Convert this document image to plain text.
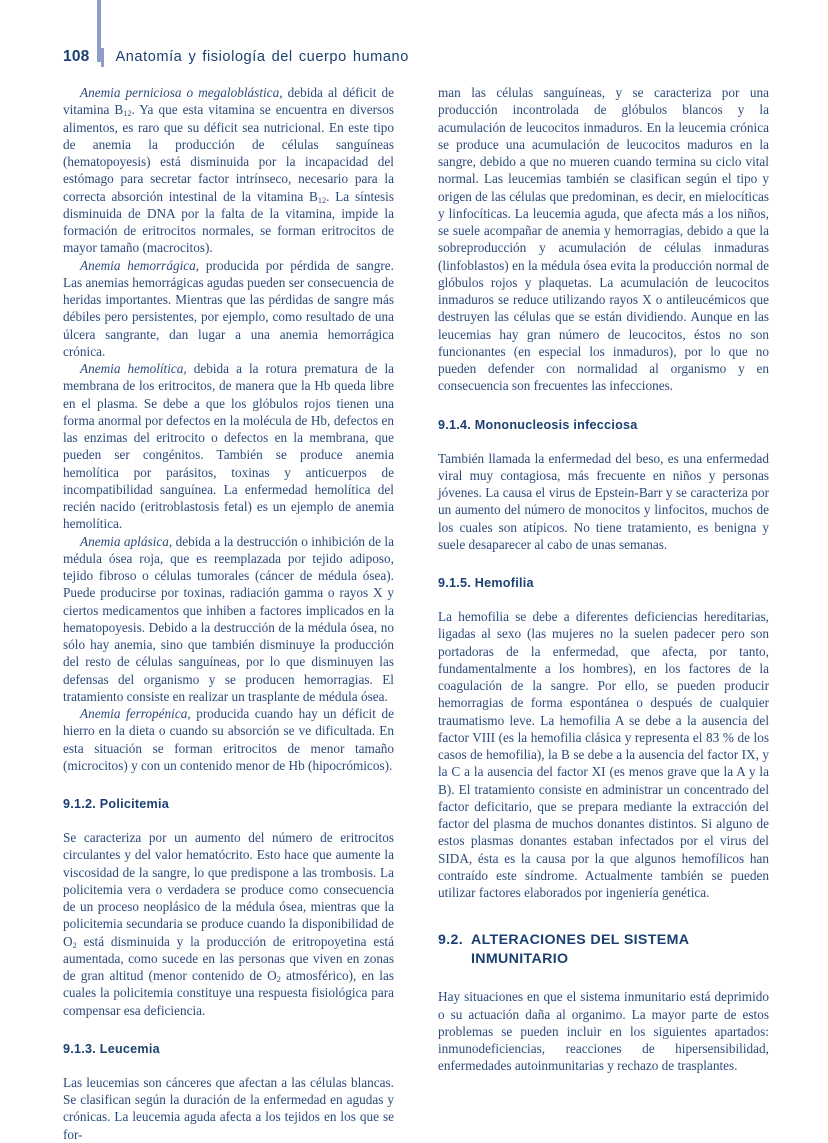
108 Anatomía y fisiología del cuerpo humano

Anemia perniciosa o megaloblástica, debida al déficit de vitamina $B_{12}$. Ya que esta vitamina se encuentra en diversos alimentos, es raro que su déficit sea nutricional. En este tipo de anemia la producción de células sanguíneas (hematopoyesis) está disminuida por la incapacidad del estómago para secretar factor intrínseco, necesario para la correcta absorción intestinal de la vitamina $B_{12}$. La síntesis disminuida de DNA por la falta de la vitamina, impide la formación de eritrocitos normales, se forman eritrocitos de mayor tamaño (macrocitos).

Anemia hemorrágica, producida por pérdida de sangre. Las anemias hemorrágicas agudas pueden ser consecuencia de heridas importantes. Mientras que las pérdidas de sangre más débiles pero persistentes, por ejemplo, como resultado de una úlcera sangrante, dan lugar a una anemia hemorrágica crónica.

Anemia hemolítica, debida a la rotura prematura de la membrana de los eritrocitos, de manera que la Hb queda libre en el plasma. Se debe a que los glóbulos rojos tienen una forma anormal por defectos en la molécula de Hb, defectos en las enzimas del eritrocito o defectos en la membrana, que pueden ser congénitos. También se produce anemia hemolítica por parásitos, toxinas y anticuerpos de incompatibilidad sanguínea. La enfermedad hemolítica del recién nacido (eritroblastosis fetal) es un ejemplo de anemia hemolítica.

Anemia aplásica, debida a la destrucción o inhibición de la médula ósea roja, que es reemplazada por tejido adiposo, tejido fibroso o células tumorales (cáncer de médula ósea). Puede producirse por toxinas, radiación gamma o rayos X y ciertos medicamentos que inhiben a factores implicados en la hematopoyesis. Debido a la destrucción de la médula ósea, no sólo hay anemia, sino que también disminuye la producción del resto de células sanguíneas, por lo que disminuyen las defensas del organismo y se producen hemorragias. El tratamiento consiste en realizar un trasplante de médula ósea.

Anemia ferropénica, producida cuando hay un déficit de hierro en la dieta o cuando su absorción se ve dificultada. En esta situación se forman eritrocitos de menor tamaño (microcitos) y con un contenido menor de Hb (hipocrómicos).

9.1.2. Policitemia

Se caracteriza por un aumento del número de eritrocitos circulantes y del valor hematócrito. Esto hace que aumente la viscosidad de la sangre, lo que predispone a las trombosis. La policitemia vera o verdadera se produce como consecuencia de un proceso neoplásico de la médula ósea, mientras que la policitemia secundaria se produce cuando la disponibilidad de $O_2$ está disminuida y la producción de eritropoyetina está aumentada, como sucede en las personas que viven en zonas de gran altitud (menor contenido de $O_2$ atmosférico), en las cuales la policitemia constituye una respuesta fisiológica para compensar esa deficiencia.

9.1.3. Leucemia

Las leucemias son cánceres que afectan a las células blancas. Se clasifican según la duración de la enfermedad en agudas y crónicas. La leucemia aguda afecta a los tejidos en los que se for-

man las células sanguíneas, y se caracteriza por una producción incontrolada de glóbulos blancos y la acumulación de leucocitos inmaduros. En la leucemia crónica se produce una acumulación de leucocitos maduros en la sangre, debido a que no mueren cuando termina su ciclo vital normal. Las leucemias también se clasifican según el tipo y origen de las células que predominan, es decir, en mielocíticas y linfocíticas. La leucemia aguda, que afecta más a los niños, se suele acompañar de anemia y hemorragias, debido a que la sobreproducción y acumulación de células inmaduras (linfoblastos) en la médula ósea evita la producción normal de glóbulos rojos y plaquetas. La acumulación de leucocitos inmaduros se reduce utilizando rayos X o antileucémicos que destruyen las células que se están dividiendo. Aunque en las leucemias hay gran número de leucocitos, éstos no son funcionantes (en especial los inmaduros), por lo que no pueden defender con normalidad al organismo y en consecuencia son frecuentes las infecciones.

9.1.4. Mononucleosis infecciosa

También llamada la enfermedad del beso, es una enfermedad viral muy contagiosa, más frecuente en niños y personas jóvenes. La causa el virus de Epstein-Barr y se caracteriza por un aumento del número de monocitos y linfocitos, muchos de los cuales son atípicos. No tiene tratamiento, es benigna y suele desaparecer al cabo de unas semanas.

9.1.5. Hemofilia

La hemofilia se debe a diferentes deficiencias hereditarias, ligadas al sexo (las mujeres no la suelen padecer pero son portadoras de la enfermedad, que afecta, por tanto, fundamentalmente a los hombres), en los factores de la coagulación de la sangre. Por ello, se pueden producir hemorragias de forma espontánea o después de cualquier traumatismo leve. La hemofilia A se debe a la ausencia del factor VIII (es la hemofilia clásica y representa el 83 % de los casos de hemofilia), la B se debe a la ausencia del factor IX, y la C a la ausencia del factor XI (es menos grave que la A y la B). El tratamiento consiste en administrar un concentrado del factor deficitario, que se prepara mediante la extracción del factor del plasma de muchos donantes distintos. Si alguno de estos plasmas donantes estaban infectados por el virus del SIDA, ésta es la causa por la que algunos hemofílicos han contraído este síndrome. Actualmente también se pueden utilizar factores elaborados por ingeniería genética.

9.2. ALTERACIONES DEL SISTEMA
INMUNITARIO

Hay situaciones en que el sistema inmunitario está deprimido o su actuación daña al organimo. La mayor parte de estos problemas se pueden incluir en los siguientes apartados: inmunodeficiencias, reacciones de hipersensibilidad, enfermedades autoinmunitarias y rechazo de trasplantes.
